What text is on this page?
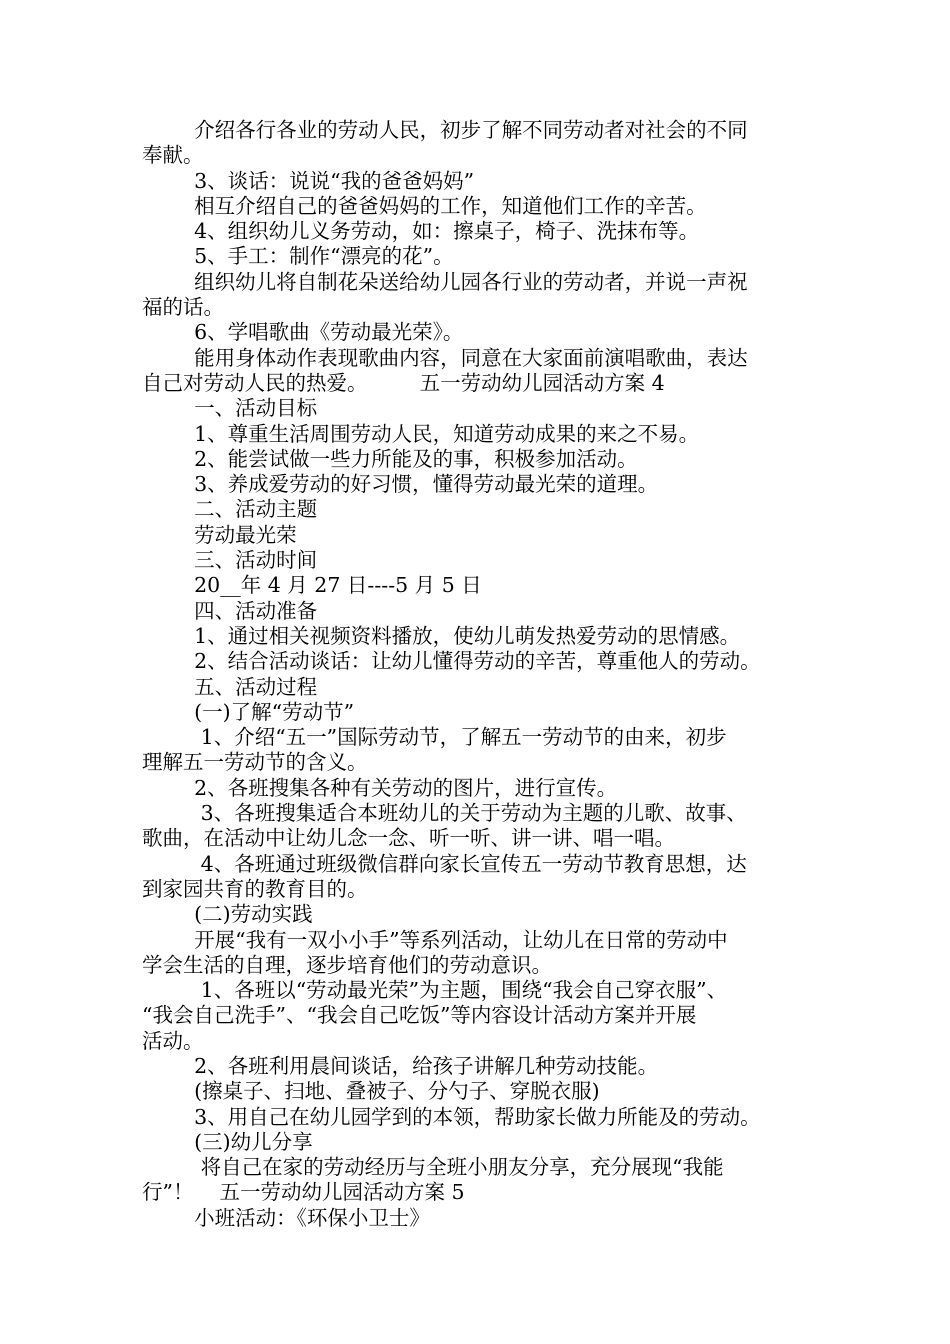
介绍各行各业的劳动人民，初步了解不同劳动者对社会的不同
奉献。
3、谈话：说说“我的爸爸妈妈”
相互介绍自己的爸爸妈妈的工作，知道他们工作的辛苦。
4、组织幼儿义务劳动，如：擦桌子，椅子、洗抹布等。
5、手工：制作“漂亮的花”。
组织幼儿将自制花朵送给幼儿园各行业的劳动者，并说一声祝
福的话。
6、学唱歌曲《劳动最光荣》。
能用身体动作表现歌曲内容，同意在大家面前演唱歌曲，表达
自己对劳动人民的热爱。        五一劳动幼儿园活动方案 4
一、活动目标
1、尊重生活周围劳动人民，知道劳动成果的来之不易。
2、能尝试做一些力所能及的事，积极参加活动。
3、养成爱劳动的好习惯，懂得劳动最光荣的道理。
二、活动主题
劳动最光荣
三、活动时间
20__年 4 月 27 日----5 月 5 日
四、活动准备
1、通过相关视频资料播放，使幼儿萌发热爱劳动的思情感。
2、结合活动谈话：让幼儿懂得劳动的辛苦，尊重他人的劳动。
五、活动过程
(一)了解“劳动节”
1、介绍“五一”国际劳动节，了解五一劳动节的由来，初步
理解五一劳动节的含义。
2、各班搜集各种有关劳动的图片，进行宣传。
3、各班搜集适合本班幼儿的关于劳动为主题的儿歌、故事、
歌曲，在活动中让幼儿念一念、听一听、讲一讲、唱一唱。
4、各班通过班级微信群向家长宣传五一劳动节教育思想，达
到家园共育的教育目的。
(二)劳动实践
开展“我有一双小小手”等系列活动，让幼儿在日常的劳动中
学会生活的自理，逐步培育他们的劳动意识。
1、各班以“劳动最光荣”为主题，围绕“我会自己穿衣服”、
“我会自己洗手”、“我会自己吃饭”等内容设计活动方案并开展
活动。
2、各班利用晨间谈话，给孩子讲解几种劳动技能。
(擦桌子、扫地、叠被子、分勺子、穿脱衣服)
3、用自己在幼儿园学到的本领，帮助家长做力所能及的劳动。
(三)幼儿分享
将自己在家的劳动经历与全班小朋友分享，充分展现“我能
行”！    五一劳动幼儿园活动方案 5
小班活动：《环保小卫士》
